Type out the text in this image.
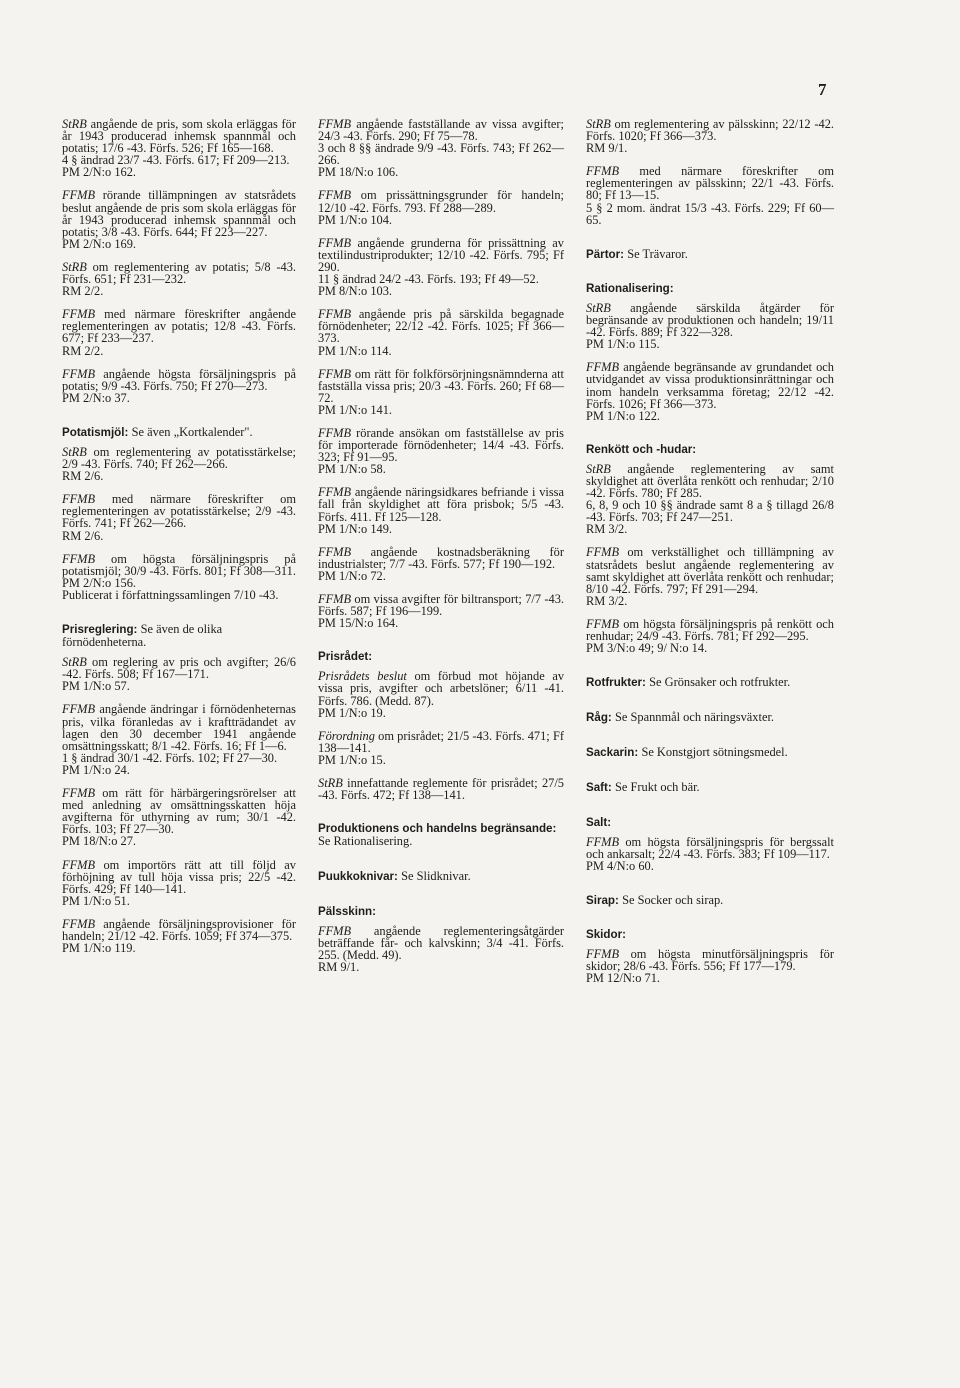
7

StRB angående de pris, som skola erläggas för år 1943 producerad inhemsk spannmål och potatis; 17/6 -43. Förfs. 526; Ff 165—168.

4 § ändrad 23/7 -43. Förfs. 617; Ff 209—213.
PM 2/N:o 162.

FFMB rörande tillämpningen av statsrådets beslut angående de pris som skola erläggas för år 1943 producerad inhemsk spannmål och potatis; 3/8 -43. Förfs. 644; Ff 223—227.

PM 2/N:o 169.

StRB om reglementering av potatis; 5/8 -43. Förfs. 651; Ff 231—232.

RM 2/2.

FFMB med närmare föreskrifter angående reglementeringen av potatis; 12/8 -43. Förfs. 677; Ff 233—237.

RM 2/2.

FFMB angående högsta försäljningspris på potatis; 9/9 -43. Förfs. 750; Ff 270—273.

PM 2/N:o 37.
Potatismjöl: Se även „Kortkalender".

StRB om reglementering av potatisstärkelse; 2/9 -43. Förfs. 740; Ff 262—266.

RM 2/6.

FFMB med närmare föreskrifter om reglementeringen av potatisstärkelse; 2/9 -43. Förfs. 741; Ff 262—266.

RM 2/6.

FFMB om högsta försäljningspris på potatismjöl; 30/9 -43. Förfs. 801; Ff 308—311.

PM 2/N:o 156.
Publicerat i författningssamlingen 7/10 -43.
Prisreglering: Se även de olika förnödenheterna.

StRB om reglering av pris och avgifter; 26/6 -42. Förfs. 508; Ff 167—171.

PM 1/N:o 57.

FFMB angående ändringar i förnödenheternas pris, vilka föranledas av i kraftträdandet av lagen den 30 december 1941 angående omsättningsskatt; 8/1 -42. Förfs. 16; Ff 1—6.

1 § ändrad 30/1 -42. Förfs. 102; Ff 27—30.
PM 1/N:o 24.

FFMB om rätt för härbärgeringsrörelser att med anledning av omsättningsskatten höja avgifterna för uthyrning av rum; 30/1 -42. Förfs. 103; Ff 27—30.

PM 18/N:o 27.

FFMB om importörs rätt att till följd av förhöjning av tull höja vissa pris; 22/5 -42. Förfs. 429; Ff 140—141.

PM 1/N:o 51.

FFMB angående försäljningsprovisioner för handeln; 21/12 -42. Förfs. 1059; Ff 374—375.

PM 1/N:o 119.

FFMB angående fastställande av vissa avgifter; 24/3 -43. Förfs. 290; Ff 75—78.

3 och 8 §§ ändrade 9/9 -43. Förfs. 743; Ff 262—266.
PM 18/N:o 106.

FFMB om prissättningsgrunder för handeln; 12/10 -42. Förfs. 793. Ff 288—289.

PM 1/N:o 104.

FFMB angående grunderna för prissättning av textilindustriprodukter; 12/10 -42. Förfs. 795; Ff 290.

11 § ändrad 24/2 -43. Förfs. 193; Ff 49—52.
PM 8/N:o 103.

FFMB angående pris på särskilda begagnade förnödenheter; 22/12 -42. Förfs. 1025; Ff 366—373.

PM 1/N:o 114.

FFMB om rätt för folkförsörjningsnämnderna att fastställa vissa pris; 20/3 -43. Förfs. 260; Ff 68—72.

PM 1/N:o 141.

FFMB rörande ansökan om fastställelse av pris för importerade förnödenheter; 14/4 -43. Förfs. 323; Ff 91—95.

PM 1/N:o 58.

FFMB angående näringsidkares befriande i vissa fall från skyldighet att föra prisbok; 5/5 -43. Förfs. 411. Ff 125—128.

PM 1/N:o 149.

FFMB angående kostnadsberäkning för industrialster; 7/7 -43. Förfs. 577; Ff 190—192.

PM 1/N:o 72.

FFMB om vissa avgifter för biltransport; 7/7 -43. Förfs. 587; Ff 196—199.

PM 15/N:o 164.
Prisrådet:

Prisrådets beslut om förbud mot höjande av vissa pris, avgifter och arbetslöner; 6/11 -41. Förfs. 786. (Medd. 87).

PM 1/N:o 19.

Förordning om prisrådet; 21/5 -43. Förfs. 471; Ff 138—141.

PM 1/N:o 15.

StRB innefattande reglemente för prisrådet; 27/5 -43. Förfs. 472; Ff 138—141.

Produktionens och handelns begränsande: Se Rationalisering.
Puukkoknivar: Se Slidknivar.
Pälsskinn:

FFMB angående reglementeringsåtgärder beträffande får- och kalvskinn; 3/4 -41. Förfs. 255. (Medd. 49).

RM 9/1.

StRB om reglementering av pälsskinn; 22/12 -42. Förfs. 1020; Ff 366—373.

RM 9/1.

FFMB med närmare föreskrifter om reglementeringen av pälsskinn; 22/1 -43. Förfs. 80; Ff 13—15.

5 § 2 mom. ändrat 15/3 -43. Förfs. 229; Ff 60—65.
Pärtor: Se Trävaror.
Rationalisering:

StRB angående särskilda åtgärder för begränsande av produktionen och handeln; 19/11 -42. Förfs. 889; Ff 322—328.

PM 1/N:o 115.

FFMB angående begränsande av grundandet och utvidgandet av vissa produktionsinrättningar och inom handeln verksamma företag; 22/12 -42. Förfs. 1026; Ff 366—373.

PM 1/N:o 122.
Renkött och -hudar:

StRB angående reglementering av samt skyldighet att överlåta renkött och renhudar; 2/10 -42. Förfs. 780; Ff 285.

6, 8, 9 och 10 §§ ändrade samt 8 a § tillagd 26/8 -43. Förfs. 703; Ff 247—251.
RM 3/2.

FFMB om verkställighet och tilllämpning av statsrådets beslut angående reglementering av samt skyldighet att överlåta renkött och renhudar; 8/10 -42. Förfs. 797; Ff 291—294.

RM 3/2.

FFMB om högsta försäljningspris på renkött och renhudar; 24/9 -43. Förfs. 781; Ff 292—295.

PM 3/N:o 49; 9/ N:o 14.
Rotfrukter: Se Grönsaker och rotfrukter.
Råg: Se Spannmål och näringsväxter.
Sackarin: Se Konstgjort sötningsmedel.
Saft: Se Frukt och bär.
Salt:

FFMB om högsta försäljningspris för bergssalt och ankarsalt; 22/4 -43. Förfs. 383; Ff 109—117.

PM 4/N:o 60.
Sirap: Se Socker och sirap.
Skidor:

FFMB om högsta minutförsäljningspris för skidor; 28/6 -43. Förfs. 556; Ff 177—179.

PM 12/N:o 71.
